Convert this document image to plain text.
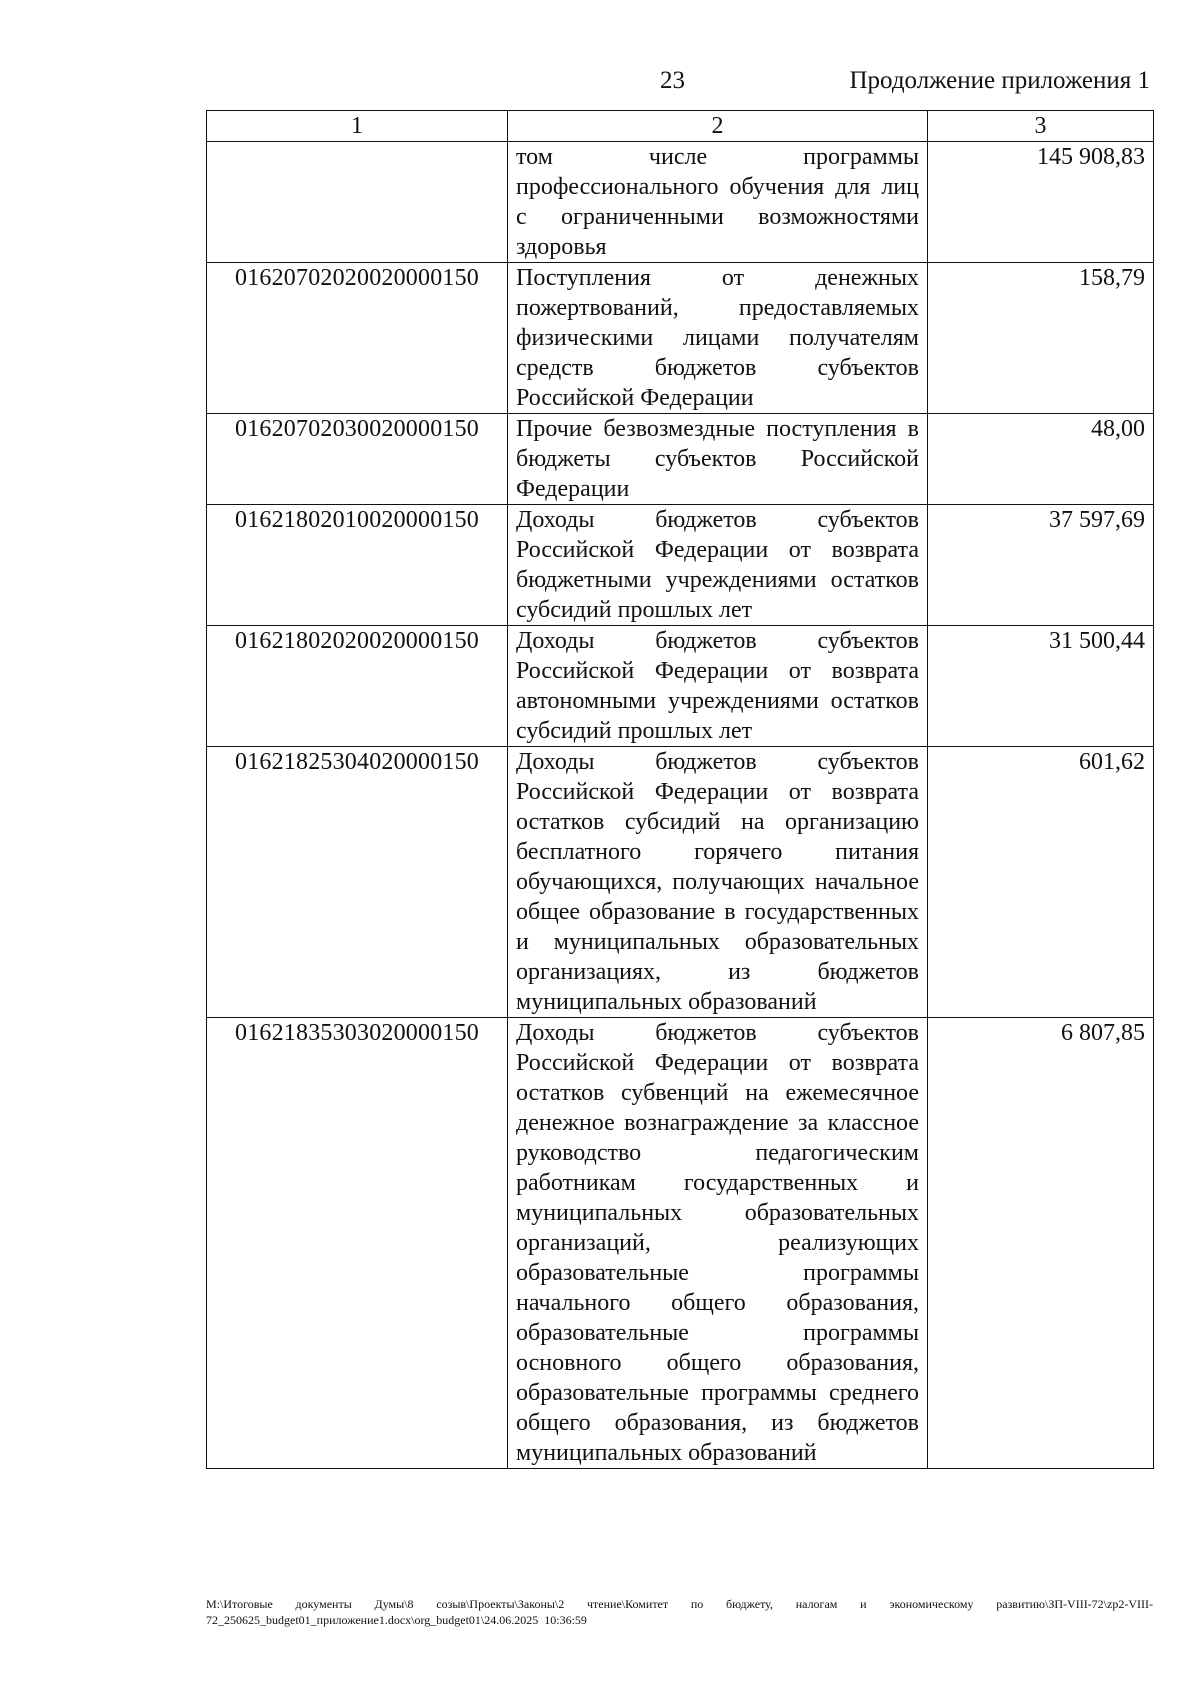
23	Продолжение приложения 1
1	2	3
	том числе программы профессионального обучения для лиц с ограниченными возможностями здоровья	145 908,83
01620702020020000150	Поступления от денежных пожертвований, предоставляемых физическими лицами получателям средств бюджетов субъектов Российской Федерации	158,79
01620702030020000150	Прочие безвозмездные поступления в бюджеты субъектов Российской Федерации	48,00
01621802010020000150	Доходы бюджетов субъектов Российской Федерации от возврата бюджетными учреждениями остатков субсидий прошлых лет	37 597,69
01621802020020000150	Доходы бюджетов субъектов Российской Федерации от возврата автономными учреждениями остатков субсидий прошлых лет	31 500,44
01621825304020000150	Доходы бюджетов субъектов Российской Федерации от возврата остатков субсидий на организацию бесплатного горячего питания обучающихся, получающих начальное общее образование в государственных и муниципальных образовательных организациях, из бюджетов муниципальных образований	601,62
01621835303020000150	Доходы бюджетов субъектов Российской Федерации от возврата остатков субвенций на ежемесячное денежное вознаграждение за классное руководство педагогическим работникам государственных и муниципальных образовательных организаций, реализующих образовательные программы начального общего образования, образовательные программы основного общего образования, образовательные программы среднего общего образования, из бюджетов муниципальных образований	6 807,85
M:\Итоговые документы Думы\8 созыв\Проекты\Законы\2 чтение\Комитет по бюджету, налогам и экономическому развитию\ЗП-VIII-72\zp2-VIII-72_250625_budget01_приложение1.docx\org_budget01\24.06.2025 10:36:59
